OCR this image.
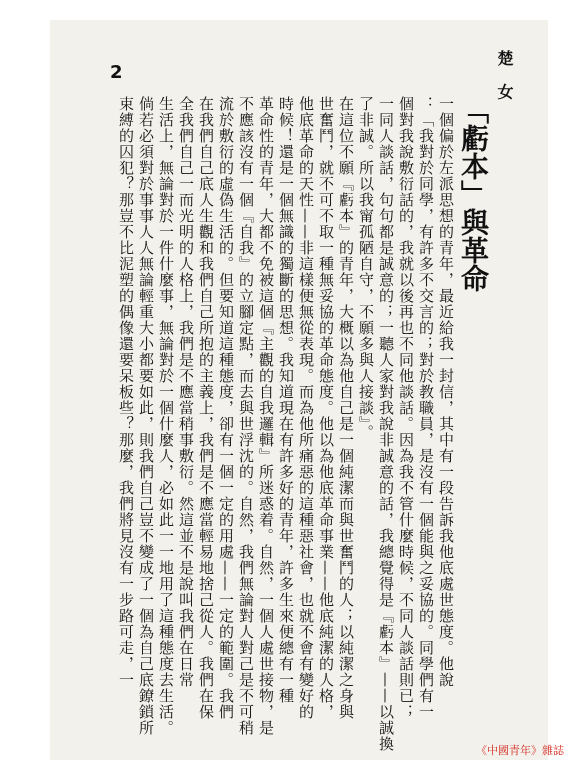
2	楚 女
「虧本」與革命
一個偏於左派思想的青年，最近給我一封信，其中有一段告訴我他底處世態度。他說
：「我對於同學，有許多不交言的；對於教職員，是沒有一個能與之妥協的。同學們有一
個對我說敷衍話的，我就以後再也不同他談話。因為我不管什麼時候，不同人談話則已；
一同人談話，句句都是誠意的；一聽人家對我說非誠意的話，我總覺得是『虧本』——以誠換
了非誠。所以我甯孤陋自守，不願多與人接談』。
在這位不願『虧本』的青年，大概以為他自己是一個純潔而與世奮鬥的人；以純潔之身與
世奮鬥，就不可不取一種無妥協的革命態度。他以為他底革命事業——他底純潔的人格，
他底革命的天性——非這樣便無從表現。而為他所痛惡的這種惡社會，也就不會有變好的
時候！還是一個無識的獨斷的思想。我知道現在有許多好的青年，許多生來便總有一種
革命性的青年，大都不免被這個『主觀的自我邏輯』所迷惑着。自然，一個人處世接物，是
不應該沒有一個『自我』的立腳定點，而去與世浮沈的。自然，我們無論對人對己是不可稍
流於敷衍的虛偽生活的。但要知道這種態度，卻有一個一定的用處——一定的範圍。我們
在我們自己底人生觀和我們自己所抱的主義上，我們是不應當輕易地捨己從人。我們在保
全我們自己一而光明的人格上，我們是不應當稍事敷衍。然這並不是說叫我們在日常
生活上，無論對於一件什麼事，無論對於一個什麼人，必如此一一地用了這種態度去生活。
倘若必須對於事事人人無論輕重大小都要如此，則我們自己豈不變成了一個為自己底鐐鎖所
束縛的囚犯？那豈不比泥塑的偶像還要呆板些？那麼，我們將見沒有一步路可走，一
《中國青年》雜誌
